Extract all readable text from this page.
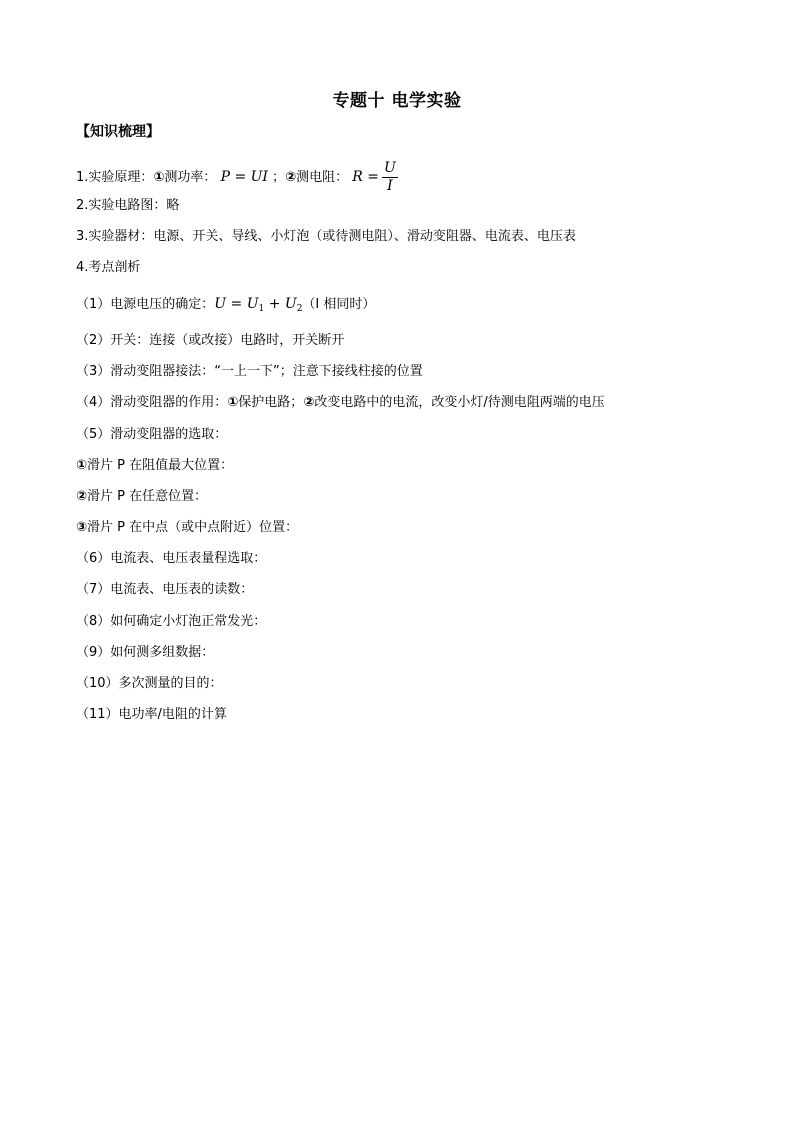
专题十 电学实验
【知识梳理】
1.实验原理：①测功率： P = UI ；②测电阻： $R = \frac{U}{I}$
2.实验电路图：略
3.实验器材：电源、开关、导线、小灯泡（或待测电阻）、滑动变阻器、电流表、电压表
4.考点剖析
（1）电源电压的确定：$U = U_1 + U_2(I$ 相同时）
（2）开关：连接（或改接）电路时，开关断开
（3）滑动变阻器接法：“一上一下”；注意下接线柱接的位置
（4）滑动变阻器的作用：①保护电路；②改变电路中的电流，改变小灯/待测电阻两端的电压
（5）滑动变阻器的选取：
①滑片 P 在阻值最大位置：
②滑片 P 在任意位置：
③滑片 P 在中点（或中点附近）位置：
（6）电流表、电压表量程选取：
（7）电流表、电压表的读数：
（8）如何确定小灯泡正常发光：
（9）如何测多组数据：
（10）多次测量的目的：
（11）电功率/电阻的计算
